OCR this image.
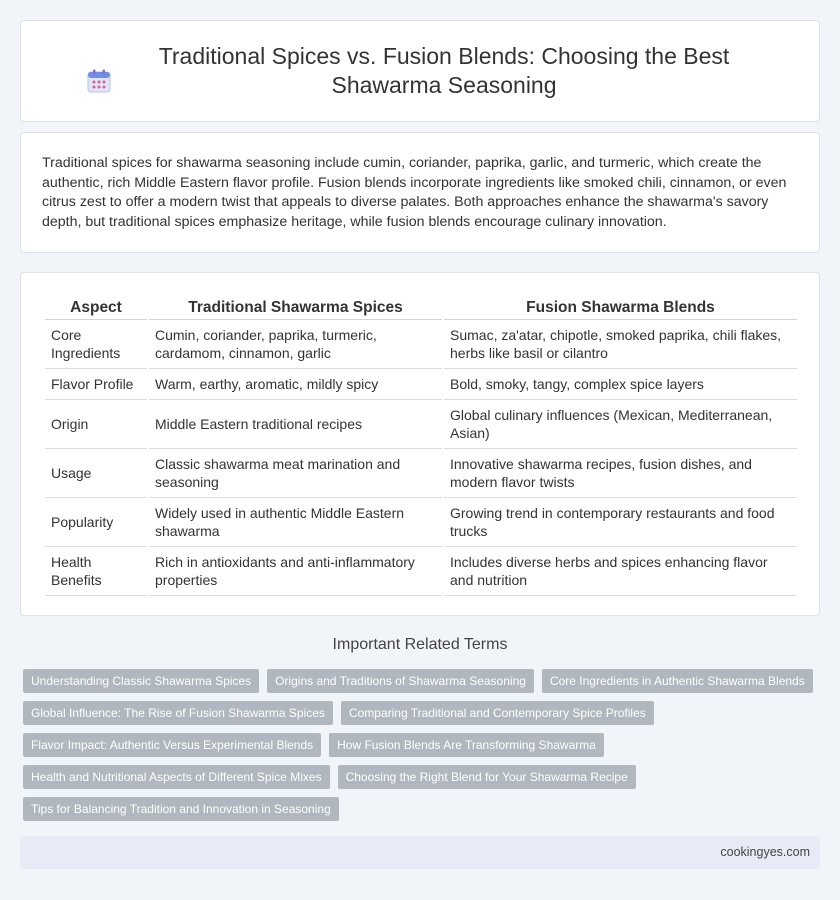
Traditional Spices vs. Fusion Blends: Choosing the Best Shawarma Seasoning

Traditional spices for shawarma seasoning include cumin, coriander, paprika, garlic, and turmeric, which create the authentic, rich Middle Eastern flavor profile. Fusion blends incorporate ingredients like smoked chili, cinnamon, or even citrus zest to offer a modern twist that appeals to diverse palates. Both approaches enhance the shawarma's savory depth, but traditional spices emphasize heritage, while fusion blends encourage culinary innovation.

Aspect	Traditional Shawarma Spices	Fusion Shawarma Blends
Core Ingredients	Cumin, coriander, paprika, turmeric, cardamom, cinnamon, garlic	Sumac, za'atar, chipotle, smoked paprika, chili flakes, herbs like basil or cilantro
Flavor Profile	Warm, earthy, aromatic, mildly spicy	Bold, smoky, tangy, complex spice layers
Origin	Middle Eastern traditional recipes	Global culinary influences (Mexican, Mediterranean, Asian)
Usage	Classic shawarma meat marination and seasoning	Innovative shawarma recipes, fusion dishes, and modern flavor twists
Popularity	Widely used in authentic Middle Eastern shawarma	Growing trend in contemporary restaurants and food trucks
Health Benefits	Rich in antioxidants and anti-inflammatory properties	Includes diverse herbs and spices enhancing flavor and nutrition
Important Related Terms
Understanding Classic Shawarma Spices	Origins and Traditions of Shawarma Seasoning	Core Ingredients in Authentic Shawarma Blends
Global Influence: The Rise of Fusion Shawarma Spices	Comparing Traditional and Contemporary Spice Profiles
Flavor Impact: Authentic Versus Experimental Blends	How Fusion Blends Are Transforming Shawarma
Health and Nutritional Aspects of Different Spice Mixes	Choosing the Right Blend for Your Shawarma Recipe
Tips for Balancing Tradition and Innovation in Seasoning
cookingyes.com
